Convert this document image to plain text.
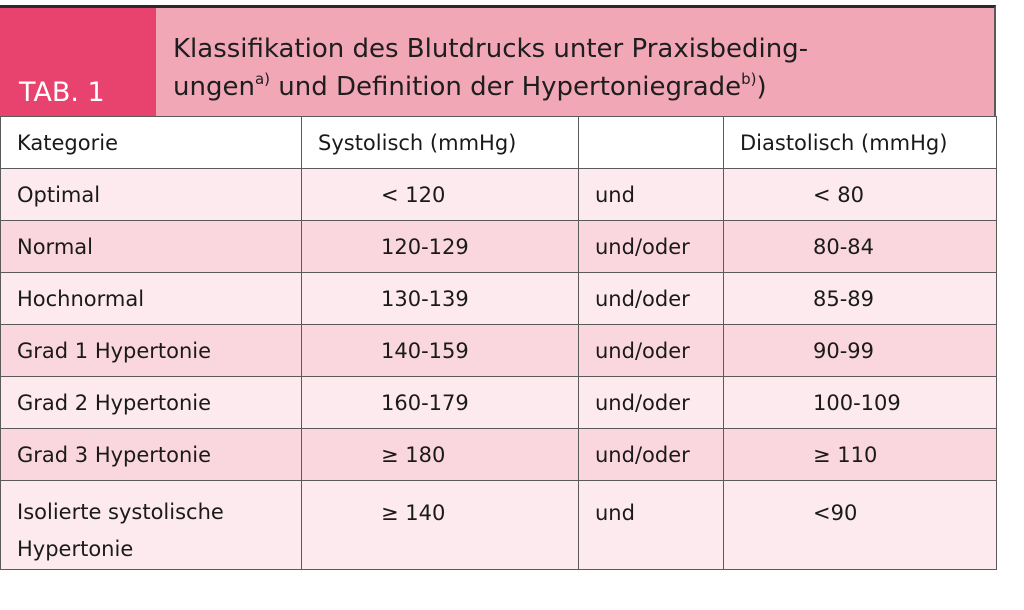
TAB. 1
Klassifikation des Blutdrucks unter Praxisbeding-
ungen$^{a)}$ und Definition der Hypertoniegrade$^{b)}$)
Kategorie	Systolisch (mmHg)		Diastolisch (mmHg)
Optimal	< 120	und	< 80
Normal	120-129	und/oder	80-84
Hochnormal	130-139	und/oder	85-89
Grad 1 Hypertonie	140-159	und/oder	90-99
Grad 2 Hypertonie	160-179	und/oder	100-109
Grad 3 Hypertonie	≥ 180	und/oder	≥ 110
Isolierte systolische Hypertonie	≥ 140	und	<90
